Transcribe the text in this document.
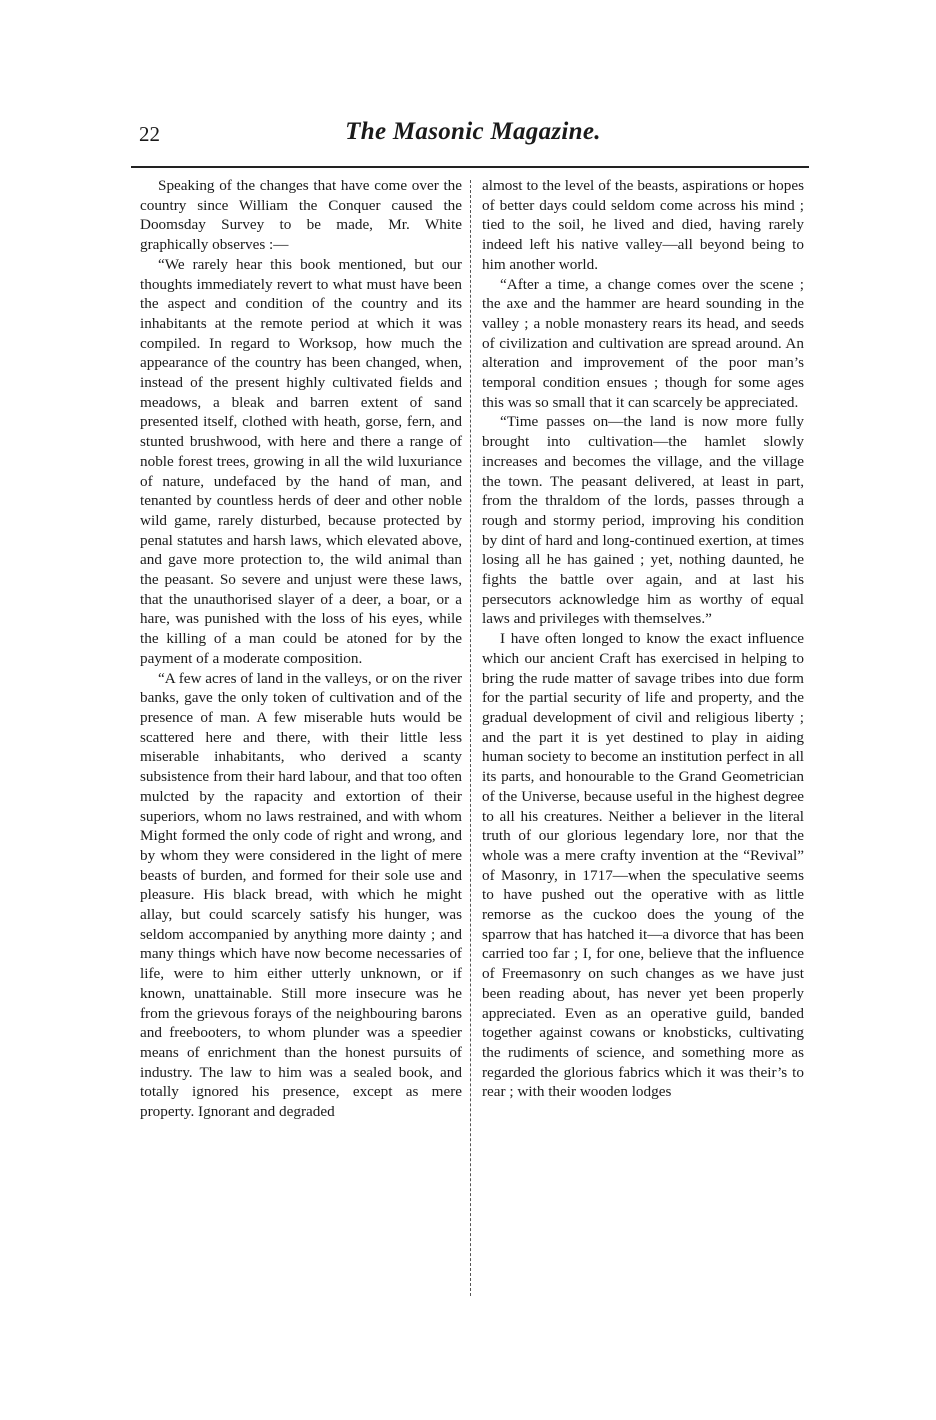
22	The Masonic Magazine.

Speaking of the changes that have come over the country since William the Conquer caused the Doomsday Survey to be made, Mr. White graphically observes :—

“We rarely hear this book mentioned, but our thoughts immediately revert to what must have been the aspect and condition of the country and its inhabitants at the remote period at which it was compiled. In regard to Worksop, how much the appearance of the country has been changed, when, instead of the present highly cultivated fields and meadows, a bleak and barren extent of sand presented itself, clothed with heath, gorse, fern, and stunted brushwood, with here and there a range of noble forest trees, growing in all the wild luxuriance of nature, undefaced by the hand of man, and tenanted by countless herds of deer and other noble wild game, rarely disturbed, because protected by penal statutes and harsh laws, which elevated above, and gave more protection to, the wild animal than the peasant. So severe and unjust were these laws, that the unauthorised slayer of a deer, a boar, or a hare, was punished with the loss of his eyes, while the killing of a man could be atoned for by the payment of a moderate composition.

“A few acres of land in the valleys, or on the river banks, gave the only token of cultivation and of the presence of man. A few miserable huts would be scattered here and there, with their little less miserable inhabitants, who derived a scanty subsistence from their hard labour, and that too often mulcted by the rapacity and extortion of their superiors, whom no laws restrained, and with whom Might formed the only code of right and wrong, and by whom they were considered in the light of mere beasts of burden, and formed for their sole use and pleasure. His black bread, with which he might allay, but could scarcely satisfy his hunger, was seldom accompanied by anything more dainty ; and many things which have now become necessaries of life, were to him either utterly unknown, or if known, unattainable. Still more insecure was he from the grievous forays of the neighbouring barons and freebooters, to whom plunder was a speedier means of enrichment than the honest pursuits of industry. The law to him was a sealed book, and totally ignored his presence, except as mere property. Ignorant and degraded

almost to the level of the beasts, aspirations or hopes of better days could seldom come across his mind ; tied to the soil, he lived and died, having rarely indeed left his native valley—all beyond being to him another world.

“After a time, a change comes over the scene ; the axe and the hammer are heard sounding in the valley ; a noble monastery rears its head, and seeds of civilization and cultivation are spread around. An alteration and improvement of the poor man’s temporal condition ensues ; though for some ages this was so small that it can scarcely be appreciated.

“Time passes on—the land is now more fully brought into cultivation—the hamlet slowly increases and becomes the village, and the village the town. The peasant delivered, at least in part, from the thraldom of the lords, passes through a rough and stormy period, improving his condition by dint of hard and long-continued exertion, at times losing all he has gained ; yet, nothing daunted, he fights the battle over again, and at last his persecutors acknowledge him as worthy of equal laws and privileges with themselves.”

I have often longed to know the exact influence which our ancient Craft has exercised in helping to bring the rude matter of savage tribes into due form for the partial security of life and property, and the gradual development of civil and religious liberty ; and the part it is yet destined to play in aiding human society to become an institution perfect in all its parts, and honourable to the Grand Geometrician of the Universe, because useful in the highest degree to all his creatures. Neither a believer in the literal truth of our glorious legendary lore, nor that the whole was a mere crafty invention at the “Revival” of Masonry, in 1717—when the speculative seems to have pushed out the operative with as little remorse as the cuckoo does the young of the sparrow that has hatched it—a divorce that has been carried too far ; I, for one, believe that the influence of Freemasonry on such changes as we have just been reading about, has never yet been properly appreciated. Even as an operative guild, banded together against cowans or knobsticks, cultivating the rudiments of science, and something more as regarded the glorious fabrics which it was their’s to rear ; with their wooden lodges
